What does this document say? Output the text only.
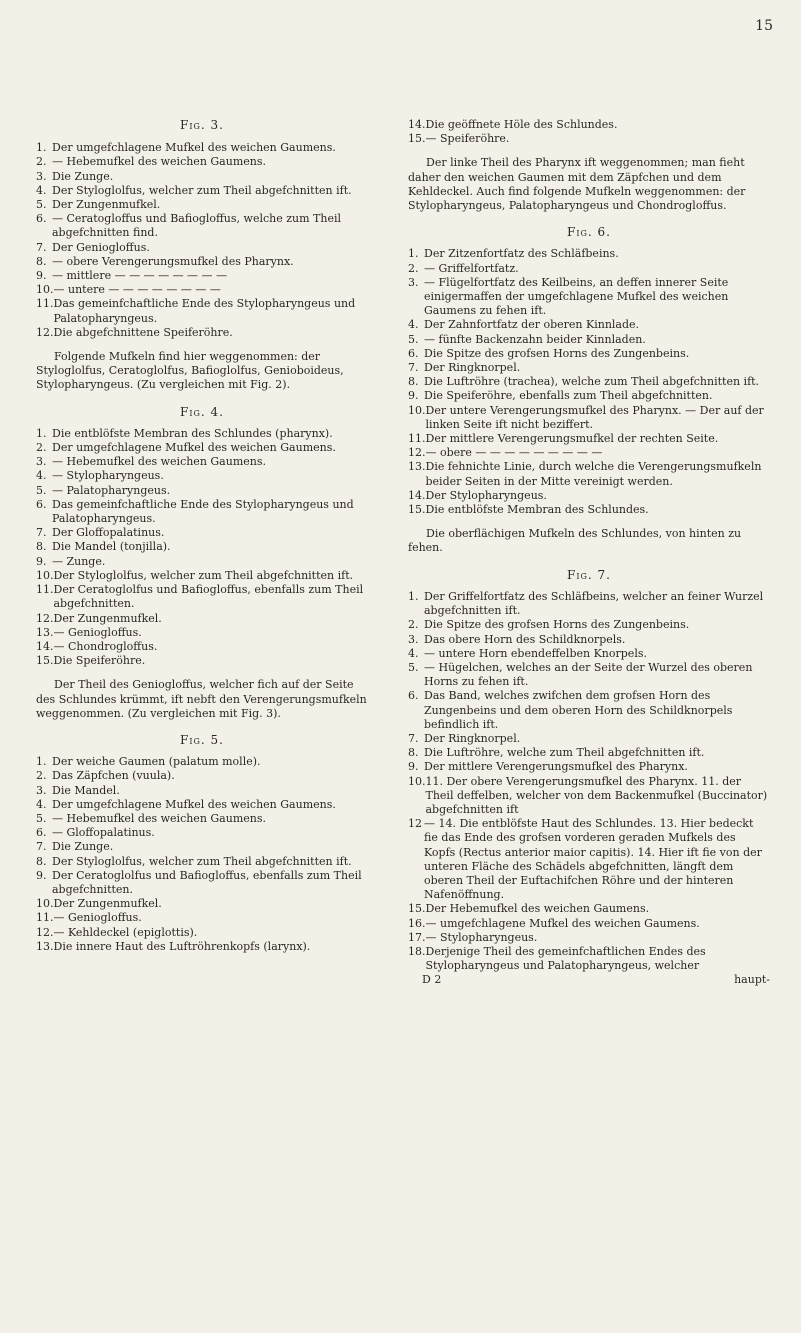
15
Fig. 3.
1. Der umgefchlagene Mufkel des weichen Gaumens.
2. — Hebemufkel des weichen Gaumens.
3. Die Zunge.
4. Der Styloglolfus, welcher zum Theil abgefchnitten ift.
5. Der Zungenmufkel.
6. — Ceratogloffus und Bafiogloffus, welche zum Theil abgefchnitten find.
7. Der Geniogloffus.
8. — obere Verengerungsmufkel des Pharynx.
9. — mittlere — — — — — — — —
10. — untere — — — — — — — —
11. Das gemeinfchaftliche Ende des Stylopharyngeus und Palatopharyngeus.
12. Die abgefchnittene Speiferöhre.
Folgende Mufkeln find hier weggenommen: der Styloglolfus, Ceratoglolfus, Bafioglolfus, Genioboideus, Stylopharyngeus. (Zu vergleichen mit Fig. 2).
Fig. 4.
1. Die entblöfste Membran des Schlundes (pharynx).
2. Der umgefchlagene Mufkel des weichen Gaumens.
3. — Hebemufkel des weichen Gaumens.
4. — Stylopharyngeus.
5. — Palatopharyngeus.
6. Das gemeinfchaftliche Ende des Stylopharyngeus und Palatopharyngeus.
7. Der Gloffopalatinus.
8. Die Mandel (tonjilla).
9. — Zunge.
10. Der Styloglolfus, welcher zum Theil abgefchnitten ift.
11. Der Ceratoglolfus und Bafiogloffus, ebenfalls zum Theil abgefchnitten.
12. Der Zungenmufkel.
13. — Geniogloffus.
14. — Chondrogloffus.
15. Die Speiferöhre.
Der Theil des Geniogloffus, welcher fich auf der Seite des Schlundes krümmt, ift nebft den Verengerungsmufkeln weggenommen. (Zu vergleichen mit Fig. 3).
Fig. 5.
1. Der weiche Gaumen (palatum molle).
2. Das Zäpfchen (vuula).
3. Die Mandel.
4. Der umgefchlagene Mufkel des weichen Gaumens.
5. — Hebemufkel des weichen Gaumens.
6. — Gloffopalatinus.
7. Die Zunge.
8. Der Styloglolfus, welcher zum Theil abgefchnitten ift.
9. Der Ceratoglolfus und Bafiogloffus, ebenfalls zum Theil abgefchnitten.
10. Der Zungenmufkel.
11. — Geniogloffus.
12. — Kehldeckel (epiglottis).
13. Die innere Haut des Luftröhrenkopfs (larynx).
14. Die geöffnete Höle des Schlundes.
15. — Speiferöhre.
Der linke Theil des Pharynx ift weggenommen; man fieht daher den weichen Gaumen mit dem Zäpfchen und dem Kehldeckel. Auch find folgende Mufkeln weggenommen: der Stylopharyngeus, Palatopharyngeus und Chondrogloffus.
Fig. 6.
1. Der Zitzenfortfatz des Schläfbeins.
2. — Griffelfortfatz.
3. — Flügelfortfatz des Keilbeins, an deffen innerer Seite einigermaffen der umgefchlagene Mufkel des weichen Gaumens zu fehen ift.
4. Der Zahnfortfatz der oberen Kinnlade.
5. — fünfte Backenzahn beider Kinnladen.
6. Die Spitze des grofsen Horns des Zungenbeins.
7. Der Ringknorpel.
8. Die Luftröhre (trachea), welche zum Theil abgefchnitten ift.
9. Die Speiferöhre, ebenfalls zum Theil abgefchnitten.
10. Der untere Verengerungsmufkel des Pharynx. — Der auf der linken Seite ift nicht beziffert.
11. Der mittlere Verengerungsmufkel der rechten Seite.
12. — obere — — — — — — — — —
13. Die fehnichte Linie, durch welche die Verengerungsmufkeln beider Seiten in der Mitte vereinigt werden.
14. Der Stylopharyngeus.
15. Die entblöfste Membran des Schlundes.
Die oberflächigen Mufkeln des Schlundes, von hinten zu fehen.
Fig. 7.
1. Der Griffelfortfatz des Schläfbeins, welcher an feiner Wurzel abgefchnitten ift.
2. Die Spitze des grofsen Horns des Zungenbeins.
3. Das obere Horn des Schildknorpels.
4. — untere Horn ebendeffelben Knorpels.
5. — Hügelchen, welches an der Seite der Wurzel des oberen Horns zu fehen ift.
6. Das Band, welches zwifchen dem grofsen Horn des Zungenbeins und dem oberen Horn des Schildknorpels befindlich ift.
7. Der Ringknorpel.
8. Die Luftröhre, welche zum Theil abgefchnitten ift.
9. Der mittlere Verengerungsmufkel des Pharynx.
10. 11. Der obere Verengerungsmufkel des Pharynx. 11. der Theil deffelben, welcher von dem Backenmufkel (Buccinator) abgefchnitten ift
12 — 14. Die entblöfste Haut des Schlundes. 13. Hier bedeckt fie das Ende des grofsen vorderen geraden Mufkels des Kopfs (Rectus anterior maior capitis). 14. Hier ift fie von der unteren Fläche des Schädels abgefchnitten, längft dem oberen Theil der Euftachifchen Röhre und der hinteren Nafenöffnung.
15. Der Hebemufkel des weichen Gaumens.
16. — umgefchlagene Mufkel des weichen Gaumens.
17. — Stylopharyngeus.
18. Derjenige Theil des gemeinfchaftlichen Endes des Stylopharyngeus und Palatopharyngeus, welcher
D 2	haupt-
